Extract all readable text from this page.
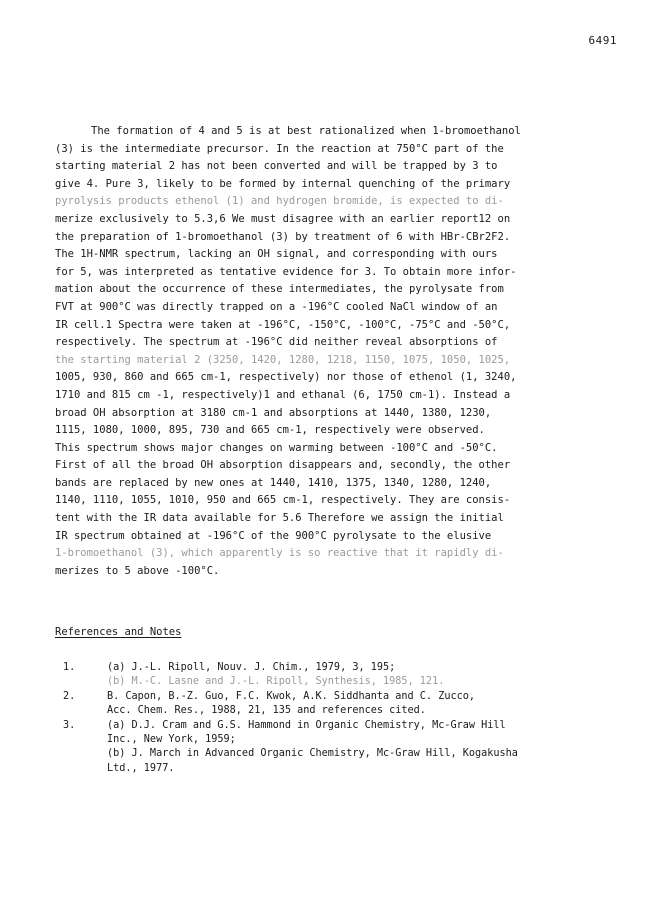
6491
The formation of 4 and 5 is at best rationalized when 1-bromoethanol
(3) is the intermediate precursor. In the reaction at 750°C part of the
starting material 2 has not been converted and will be trapped by 3 to
give 4. Pure 3, likely to be formed by internal quenching of the primary
pyrolysis products ethenol (1) and hydrogen bromide, is expected to di-
merize exclusively to 5.3,6 We must disagree with an earlier report12 on
the preparation of 1-bromoethanol (3) by treatment of 6 with HBr-CBr2F2.
The 1H-NMR spectrum, lacking an OH signal, and corresponding with ours
for 5, was interpreted as tentative evidence for 3. To obtain more infor-
mation about the occurrence of these intermediates, the pyrolysate from
FVT at 900°C was directly trapped on a -196°C cooled NaCl window of an
IR cell.1 Spectra were taken at -196°C, -150°C, -100°C, -75°C and -50°C,
respectively. The spectrum at -196°C did neither reveal absorptions of
the starting material 2 (3250, 1420, 1280, 1218, 1150, 1075, 1050, 1025,
1005, 930, 860 and 665 cm-1, respectively) nor those of ethenol (1, 3240,
1710 and 815 cm -1, respectively)1 and ethanal (6, 1750 cm-1). Instead a
broad OH absorption at 3180 cm-1 and absorptions at 1440, 1380, 1230,
1115, 1080, 1000, 895, 730 and 665 cm-1, respectively were observed.
This spectrum shows major changes on warming between -100°C and -50°C.
First of all the broad OH absorption disappears and, secondly, the other
bands are replaced by new ones at 1440, 1410, 1375, 1340, 1280, 1240,
1140, 1110, 1055, 1010, 950 and 665 cm-1, respectively. They are consis-
tent with the IR data available for 5.6 Therefore we assign the initial
IR spectrum obtained at -196°C of the 900°C pyrolysate to the elusive
1-bromoethanol (3), which apparently is so reactive that it rapidly di-
merizes to 5 above -100°C.
References and Notes
1.	(a) J.-L. Ripoll, Nouv. J. Chim., 1979, 3, 195;
(b) M.-C. Lasne and J.-L. Ripoll, Synthesis, 1985, 121.
2.	B. Capon, B.-Z. Guo, F.C. Kwok, A.K. Siddhanta and C. Zucco,
Acc. Chem. Res., 1988, 21, 135 and references cited.
3.	(a) D.J. Cram and G.S. Hammond in Organic Chemistry, Mc-Graw Hill
Inc., New York, 1959;
(b) J. March in Advanced Organic Chemistry, Mc-Graw Hill, Kogakusha
Ltd., 1977.
